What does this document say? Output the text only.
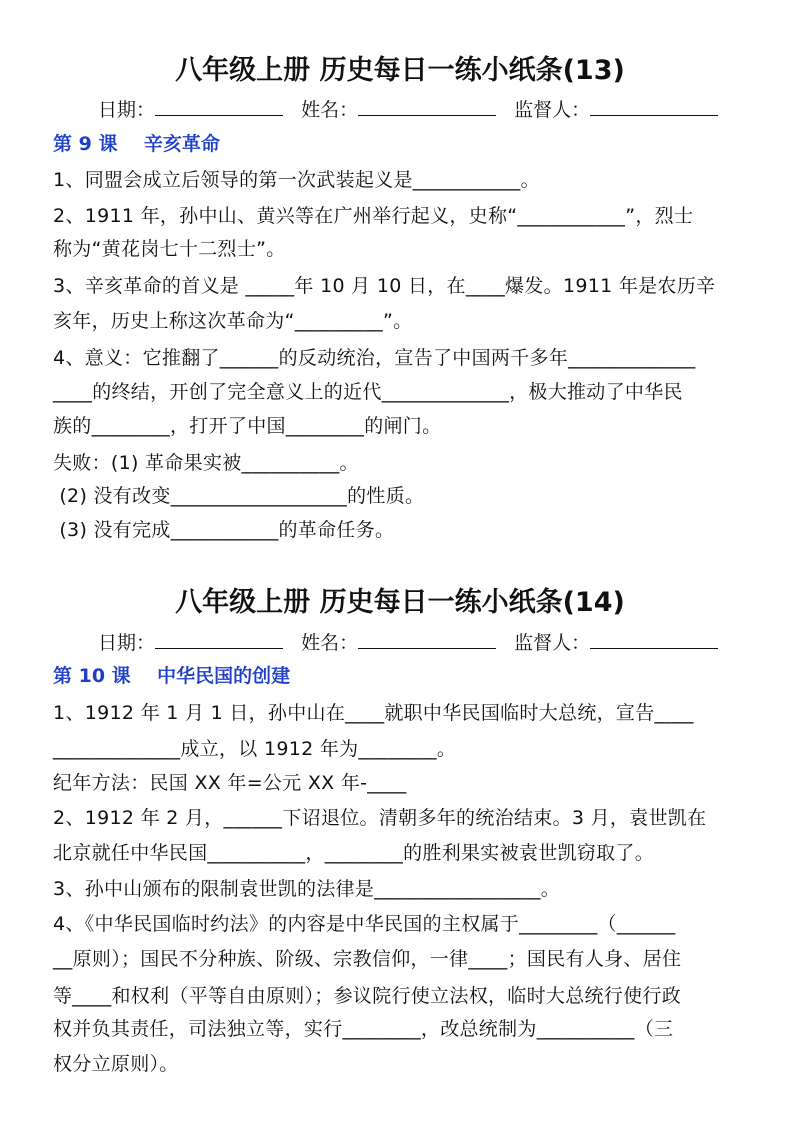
八年级上册 历史每日一练小纸条(13)
日期：	姓名：	监督人：
第 9 课    辛亥革命
1、同盟会成立后领导的第一次武装起义是___________。
2、1911 年，孙中山、黄兴等在广州举行起义，史称“___________”，烈士
称为“黄花岗七十二烈士”。
3、辛亥革命的首义是 _____年 10 月 10 日，在____爆发。1911 年是农历辛
亥年，历史上称这次革命为“_________”。
4、意义：它推翻了______的反动统治，宣告了中国两千多年_____________
____的终结，开创了完全意义上的近代_____________，极大推动了中华民
族的________，打开了中国________的闸门。
失败：(1) 革命果实被__________。
(2) 没有改变__________________的性质。
(3) 没有完成___________的革命任务。
八年级上册 历史每日一练小纸条(14)
日期：	姓名：	监督人：
第 10 课    中华民国的创建
1、1912 年 1 月 1 日，孙中山在____就职中华民国临时大总统，宣告____
_____________成立，以 1912 年为________。
纪年方法：民国 XX 年=公元 XX 年-____
2、1912 年 2 月，______下诏退位。清朝多年的统治结束。3 月，袁世凯在
北京就任中华民国__________，________的胜利果实被袁世凯窃取了。
3、孙中山颁布的限制袁世凯的法律是_________________。
4、《中华民国临时约法》的内容是中华民国的主权属于________（______
__原则）；国民不分种族、阶级、宗教信仰，一律____；国民有人身、居住
等____和权利（平等自由原则）；参议院行使立法权，临时大总统行使行政
权并负其责任，司法独立等，实行________，改总统制为__________（三
权分立原则）。
